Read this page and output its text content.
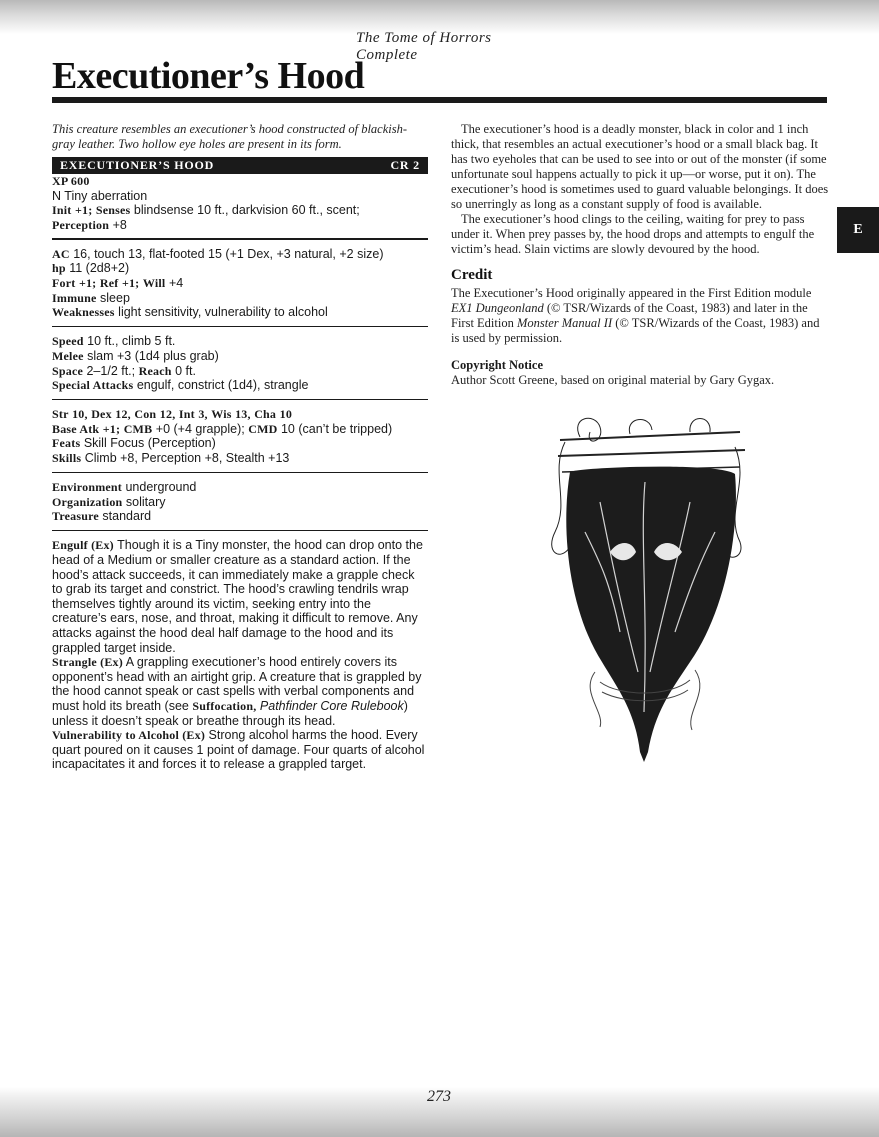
The Tome of Horrors Complete
Executioner’s Hood
E

This creature resembles an executioner’s hood constructed of blackish-gray leather. Two hollow eye holes are present in its form.

EXECUTIONER’S HOOD	CR 2

XP 600

N Tiny aberration

Init +1; Senses blindsense 10 ft., darkvision 60 ft., scent;

Perception +8

AC 16, touch 13, flat-footed 15 (+1 Dex, +3 natural, +2 size)

hp 11 (2d8+2)

Fort +1; Ref +1; Will +4

Immune sleep

Weaknesses light sensitivity, vulnerability to alcohol

Speed 10 ft., climb 5 ft.

Melee slam +3 (1d4 plus grab)

Space 2–1/2 ft.; Reach 0 ft.

Special Attacks engulf, constrict (1d4), strangle

Str 10, Dex 12, Con 12, Int 3, Wis 13, Cha 10

Base Atk +1; CMB +0 (+4 grapple); CMD 10 (can’t be tripped)

Feats Skill Focus (Perception)

Skills Climb +8, Perception +8, Stealth +13

Environment underground

Organization solitary

Treasure standard

Engulf (Ex) Though it is a Tiny monster, the hood can drop onto the head of a Medium or smaller creature as a standard action. If the hood’s attack succeeds, it can immediately make a grapple check to grab its target and constrict. The hood’s crawling tendrils wrap themselves tightly around its victim, seeking entry into the creature’s ears, nose, and throat, making it difficult to remove. Any attacks against the hood deal half damage to the hood and its grappled target inside.

Strangle (Ex) A grappling executioner’s hood entirely covers its opponent’s head with an airtight grip. A creature that is grappled by the hood cannot speak or cast spells with verbal components and must hold its breath (see Suffocation, Pathfinder Core Rulebook) unless it doesn’t speak or breathe through its head.

Vulnerability to Alcohol (Ex) Strong alcohol harms the hood. Every quart poured on it causes 1 point of damage. Four quarts of alcohol incapacitates it and forces it to release a grappled target.

The executioner’s hood is a deadly monster, black in color and 1 inch thick, that resembles an actual executioner’s hood or a small black bag. It has two eyeholes that can be used to see into or out of the monster (if some unfortunate soul happens actually to pick it up—or worse, put it on). The executioner’s hood is sometimes used to guard valuable belongings. It does so unerringly as long as a constant supply of food is available.

The executioner’s hood clings to the ceiling, waiting for prey to pass under it. When prey passes by, the hood drops and attempts to engulf the victim’s head. Slain victims are slowly devoured by the hood.

Credit

The Executioner’s Hood originally appeared in the First Edition module EX1 Dungeonland (© TSR/Wizards of the Coast, 1983) and later in the First Edition Monster Manual II (© TSR/Wizards of the Coast, 1983) and is used by permission.

Copyright Notice

Author Scott Greene, based on original material by Gary Gygax.

273
